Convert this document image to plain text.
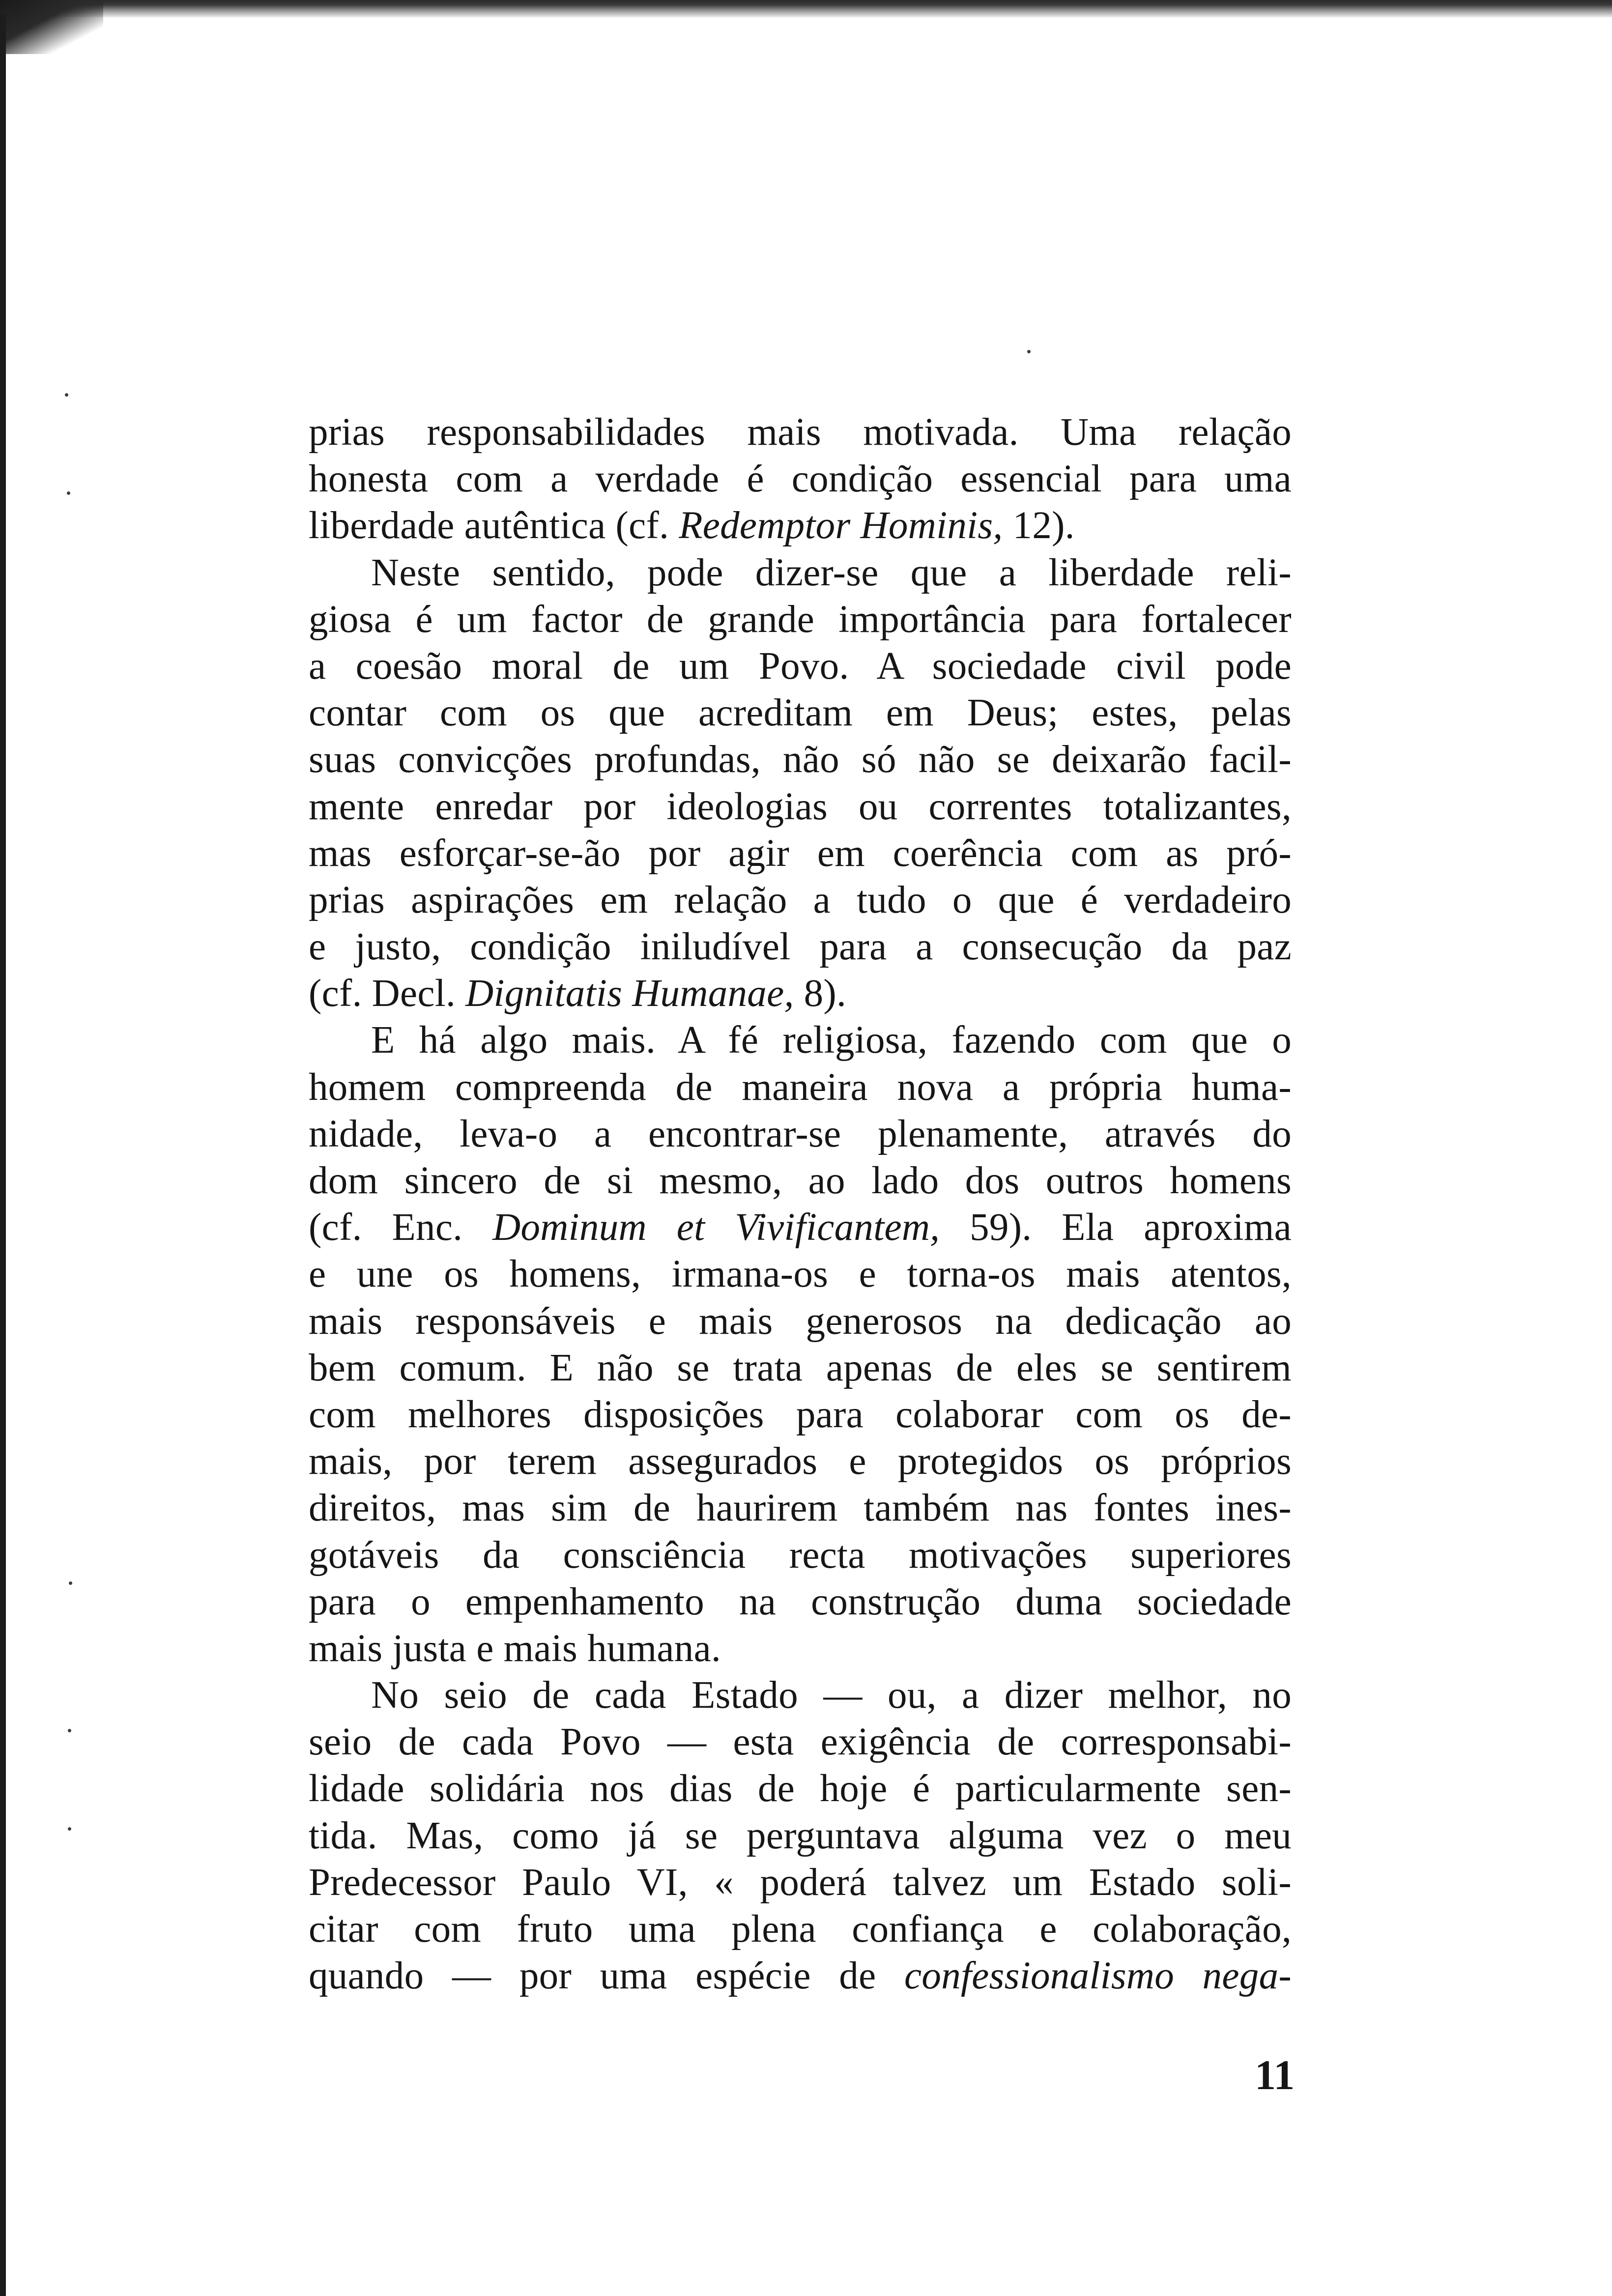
prias responsabilidades mais motivada. Uma relação
honesta com a verdade é condição essencial para uma
liberdade autêntica (cf. Redemptor Hominis, 12).
Neste sentido, pode dizer-se que a liberdade reli-
giosa é um factor de grande importância para fortalecer
a coesão moral de um Povo. A sociedade civil pode
contar com os que acreditam em Deus; estes, pelas
suas convicções profundas, não só não se deixarão facil-
mente enredar por ideologias ou correntes totalizantes,
mas esforçar-se-ão por agir em coerência com as pró-
prias aspirações em relação a tudo o que é verdadeiro
e justo, condição iniludível para a consecução da paz
(cf. Decl. Dignitatis Humanae, 8).
E há algo mais. A fé religiosa, fazendo com que o
homem compreenda de maneira nova a própria huma-
nidade, leva-o a encontrar-se plenamente, através do
dom sincero de si mesmo, ao lado dos outros homens
(cf. Enc. Dominum et Vivificantem, 59). Ela aproxima
e une os homens, irmana-os e torna-os mais atentos,
mais responsáveis e mais generosos na dedicação ao
bem comum. E não se trata apenas de eles se sentirem
com melhores disposições para colaborar com os de-
mais, por terem assegurados e protegidos os próprios
direitos, mas sim de haurirem também nas fontes ines-
gotáveis da consciência recta motivações superiores
para o empenhamento na construção duma sociedade
mais justa e mais humana.
No seio de cada Estado — ou, a dizer melhor, no
seio de cada Povo — esta exigência de corresponsabi-
lidade solidária nos dias de hoje é particularmente sen-
tida. Mas, como já se perguntava alguma vez o meu
Predecessor Paulo VI, « poderá talvez um Estado soli-
citar com fruto uma plena confiança e colaboração,
quando — por uma espécie de confessionalismo nega-
11
